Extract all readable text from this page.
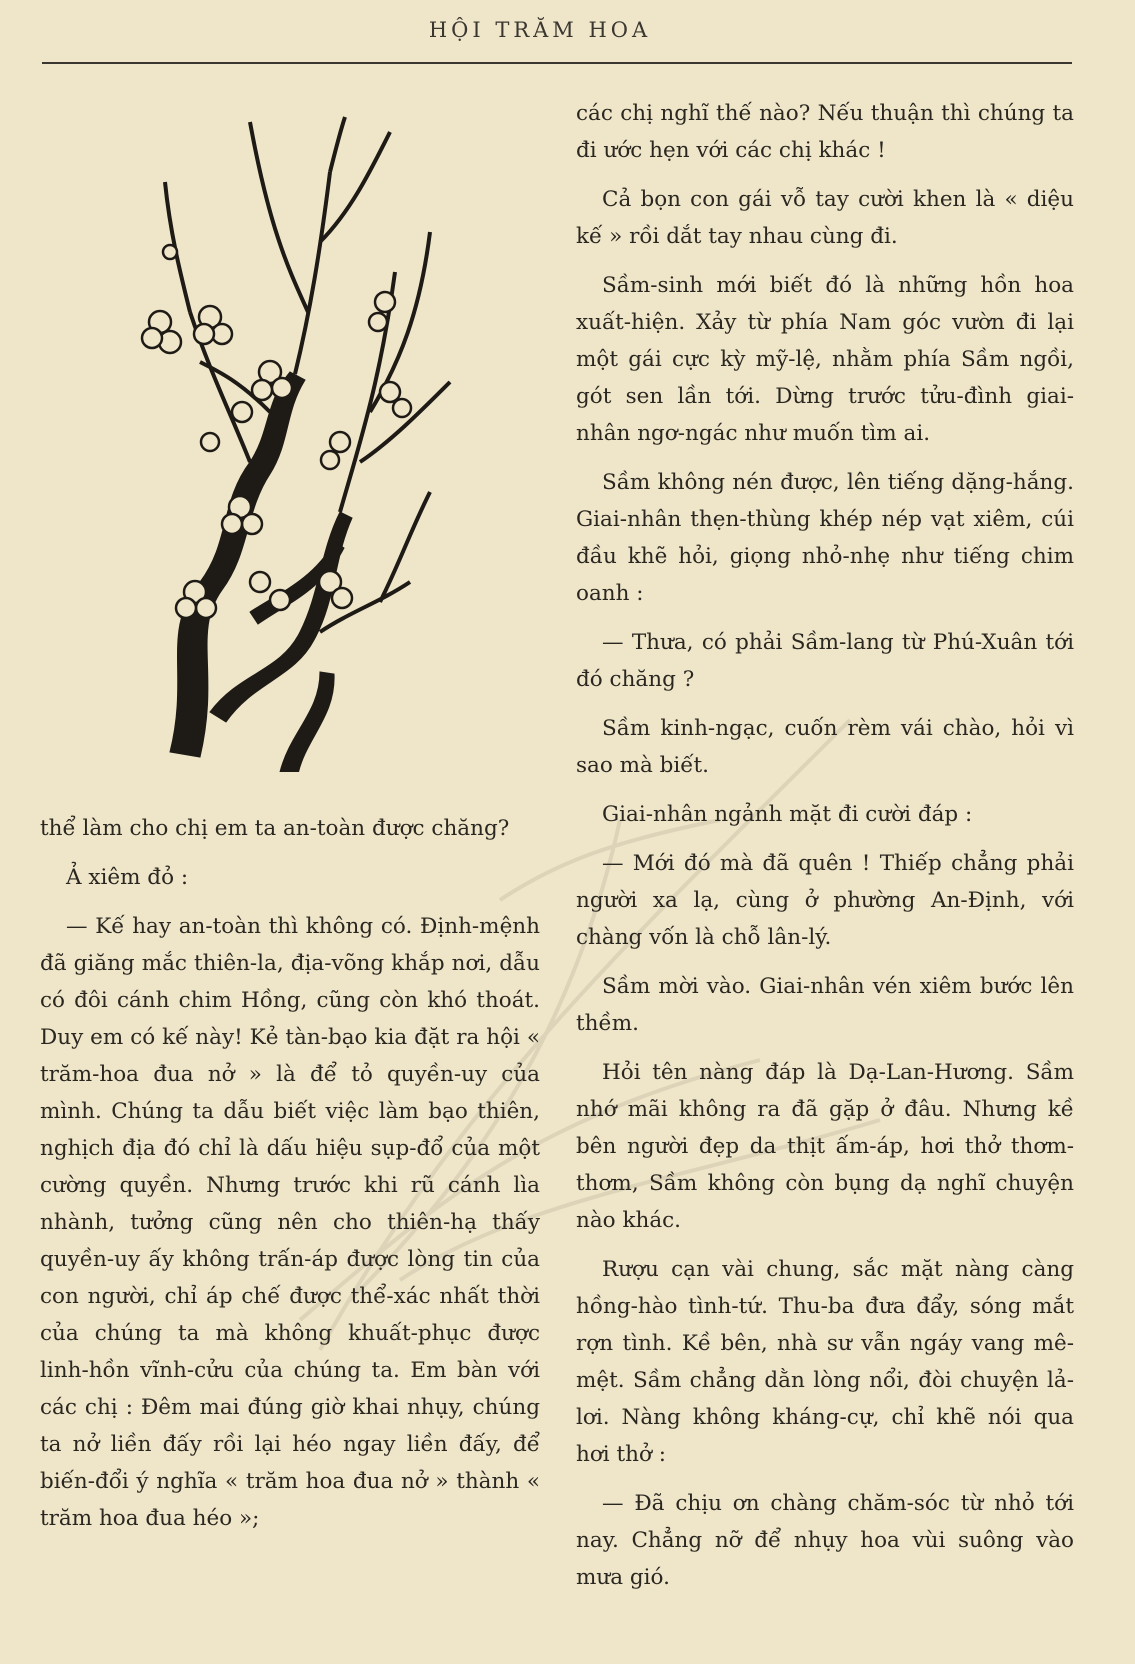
HỘI TRĂM HOA

thể làm cho chị em ta an-toàn được chăng?

Ả xiêm đỏ :

— Kế hay an-toàn thì không có. Định-mệnh đã giăng mắc thiên-la, địa-võng khắp nơi, dẫu có đôi cánh chim Hồng, cũng còn khó thoát. Duy em có kế này! Kẻ tàn-bạo kia đặt ra hội « trăm-hoa đua nở » là để tỏ quyền-uy của mình. Chúng ta dẫu biết việc làm bạo thiên, nghịch địa đó chỉ là dấu hiệu sụp-đổ của một cường quyền. Nhưng trước khi rũ cánh lìa nhành, tưởng cũng nên cho thiên-hạ thấy quyền-uy ấy không trấn-áp được lòng tin của con người, chỉ áp chế được thể-xác nhất thời của chúng ta mà không khuất-phục được linh-hồn vĩnh-cửu của chúng ta. Em bàn với các chị : Đêm mai đúng giờ khai nhụy, chúng ta nở liền đấy rồi lại héo ngay liền đấy, để biến-đổi ý nghĩa « trăm hoa đua nở » thành « trăm hoa đua héo »;

các chị nghĩ thế nào? Nếu thuận thì chúng ta đi ước hẹn với các chị khác !

Cả bọn con gái vỗ tay cười khen là « diệu kế » rồi dắt tay nhau cùng đi.

Sầm-sinh mới biết đó là những hồn hoa xuất-hiện. Xảy từ phía Nam góc vườn đi lại một gái cực kỳ mỹ-lệ, nhằm phía Sầm ngồi, gót sen lần tới. Dừng trước tửu-đình giai-nhân ngơ-ngác như muốn tìm ai.

Sầm không nén được, lên tiếng dặng-hắng. Giai-nhân thẹn-thùng khép nép vạt xiêm, cúi đầu khẽ hỏi, giọng nhỏ-nhẹ như tiếng chim oanh :

— Thưa, có phải Sầm-lang từ Phú-Xuân tới đó chăng ?

Sầm kinh-ngạc, cuốn rèm vái chào, hỏi vì sao mà biết.

Giai-nhân ngảnh mặt đi cười đáp :

— Mới đó mà đã quên ! Thiếp chẳng phải người xa lạ, cùng ở phường An-Định, với chàng vốn là chỗ lân-lý.

Sầm mời vào. Giai-nhân vén xiêm bước lên thềm.

Hỏi tên nàng đáp là Dạ-Lan-Hương. Sầm nhớ mãi không ra đã gặp ở đâu. Nhưng kề bên người đẹp da thịt ấm-áp, hơi thở thơm-thơm, Sầm không còn bụng dạ nghĩ chuyện nào khác.

Rượu cạn vài chung, sắc mặt nàng càng hồng-hào tình-tứ. Thu-ba đưa đẩy, sóng mắt rợn tình. Kề bên, nhà sư vẫn ngáy vang mê-mệt. Sầm chẳng dằn lòng nổi, đòi chuyện lả-lơi. Nàng không kháng-cự, chỉ khẽ nói qua hơi thở :

— Đã chịu ơn chàng chăm-sóc từ nhỏ tới nay. Chẳng nỡ để nhụy hoa vùi suông vào mưa gió.
